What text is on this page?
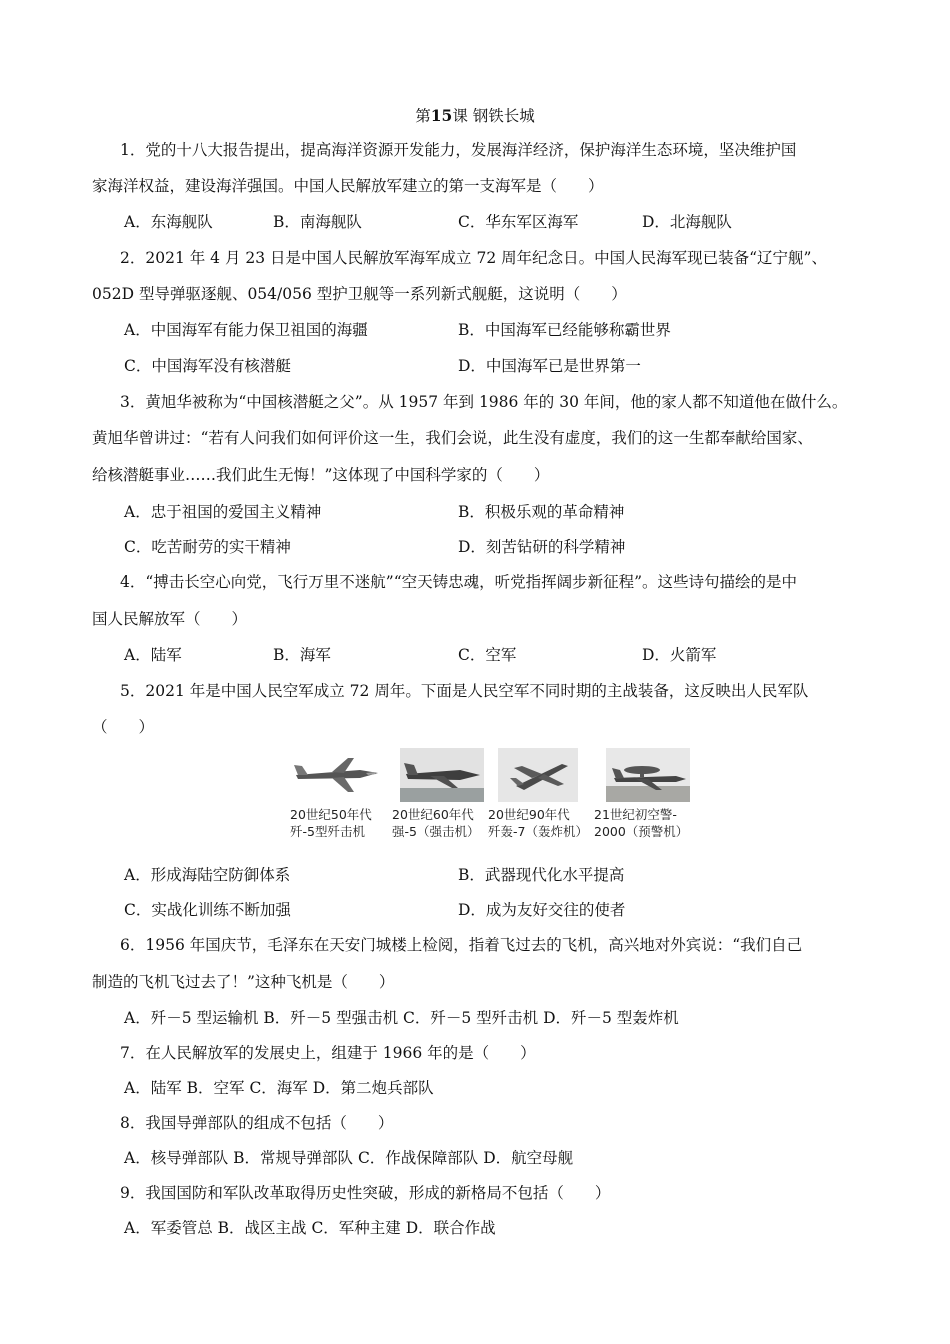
第15课 钢铁长城
1．党的十八大报告提出，提高海洋资源开发能力，发展海洋经济，保护海洋生态环境，坚决维护国
家海洋权益，建设海洋强国。中国人民解放军建立的第一支海军是（　　）
A．东海舰队	B．南海舰队	C．华东军区海军	D．北海舰队
2．2021 年 4 月 23 日是中国人民解放军海军成立 72 周年纪念日。中国人民海军现已装备“辽宁舰”、
052D 型导弹驱逐舰、054/056 型护卫舰等一系列新式舰艇，这说明（　　）
A．中国海军有能力保卫祖国的海疆	B．中国海军已经能够称霸世界
C．中国海军没有核潜艇	D．中国海军已是世界第一
3．黄旭华被称为“中国核潜艇之父”。从 1957 年到 1986 年的 30 年间，他的家人都不知道他在做什么。
黄旭华曾讲过：“若有人问我们如何评价这一生，我们会说，此生没有虚度，我们的这一生都奉献给国家、
给核潜艇事业……我们此生无悔！”这体现了中国科学家的（　　）
A．忠于祖国的爱国主义精神	B．积极乐观的革命精神
C．吃苦耐劳的实干精神	D．刻苦钻研的科学精神
4．“搏击长空心向党，飞行万里不迷航”“空天铸忠魂，听党指挥阔步新征程”。这些诗句描绘的是中
国人民解放军（　　）
A．陆军	B．海军	C．空军	D．火箭军
5．2021 年是中国人民空军成立 72 周年。下面是人民空军不同时期的主战装备，这反映出人民军队
（　　）
20世纪50年代
歼-5型歼击机
20世纪60年代
强-5（强击机）
20世纪90年代
歼轰-7（轰炸机）
21世纪初空警-
2000（预警机）
A．形成海陆空防御体系	B．武器现代化水平提高
C．实战化训练不断加强	D．成为友好交往的使者
6．1956 年国庆节，毛泽东在天安门城楼上检阅，指着飞过去的飞机，高兴地对外宾说：“我们自己
制造的飞机飞过去了！”这种飞机是（　　）
A．歼－5 型运输机 B．歼－5 型强击机 C．歼－5 型歼击机 D．歼－5 型轰炸机
7．在人民解放军的发展史上，组建于 1966 年的是（　　）
A．陆军 B．空军 C．海军 D．第二炮兵部队
8．我国导弹部队的组成不包括（　　）
A．核导弹部队 B．常规导弹部队 C．作战保障部队 D．航空母舰
9．我国国防和军队改革取得历史性突破，形成的新格局不包括（　　）
A．军委管总 B．战区主战 C．军种主建 D．联合作战
